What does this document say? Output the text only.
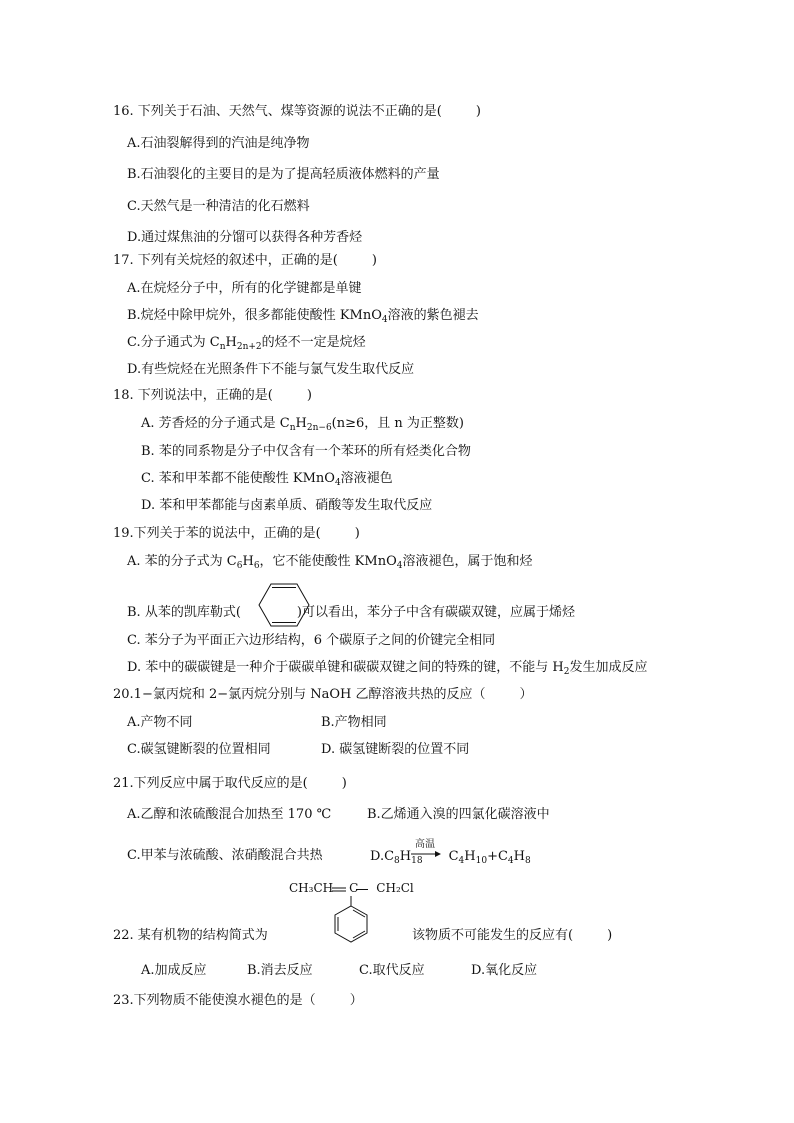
16. 下列关于石油、天然气、煤等资源的说法不正确的是(	)
A.石油裂解得到的汽油是纯净物
B.石油裂化的主要目的是为了提高轻质液体燃料的产量
C.天然气是一种清洁的化石燃料
D.通过煤焦油的分馏可以获得各种芳香烃
17. 下列有关烷烃的叙述中，正确的是(	)
A.在烷烃分子中，所有的化学键都是单键
B.烷烃中除甲烷外，很多都能使酸性 KMnO$_4$溶液的紫色褪去
C.分子通式为 $C_nH_{2n+2}$的烃不一定是烷烃
D.有些烷烃在光照条件下不能与氯气发生取代反应
18. 下列说法中，正确的是(	)
A. 芳香烃的分子通式是 $C_nH_{2n-6}(n\ge 6$，且 n 为正整数)
B. 苯的同系物是分子中仅含有一个苯环的所有烃类化合物
C. 苯和甲苯都不能使酸性 KMnO$_4$溶液褪色
D. 苯和甲苯都能与卤素单质、硝酸等发生取代反应
19.下列关于苯的说法中，正确的是(	)
A. 苯的分子式为 $C_6H_6$，它不能使酸性 KMnO$_4$溶液褪色，属于饱和烃
B. 从苯的凯库勒式(	)可以看出，苯分子中含有碳碳双键，应属于烯烃
C. 苯分子为平面正六边形结构，6 个碳原子之间的价键完全相同
D. 苯中的碳碳键是一种介于碳碳单键和碳碳双键之间的特殊的键，不能与 $H_2$发生加成反应
20.1−氯丙烷和 2−氯丙烷分别与 NaOH 乙醇溶液共热的反应（	）
A.产物不同	B.产物相同
C.碳氢键断裂的位置相同	D. 碳氢键断裂的位置不同
21.下列反应中属于取代反应的是(	)
A.乙醇和浓硫酸混合加热至 170 ℃	B.乙烯通入溴的四氯化碳溶液中
C.甲苯与浓硫酸、浓硝酸混合共热	$D.C_8H_{18}$ $C_4H_{10}+C_4H_8$
高温
CH₃CH C CH₂Cl
22. 某有机物的结构简式为	该物质不可能发生的反应有(	)
A.加成反应	B.消去反应	C.取代反应	D.氧化反应
23.下列物质不能使溴水褪色的是（	）
